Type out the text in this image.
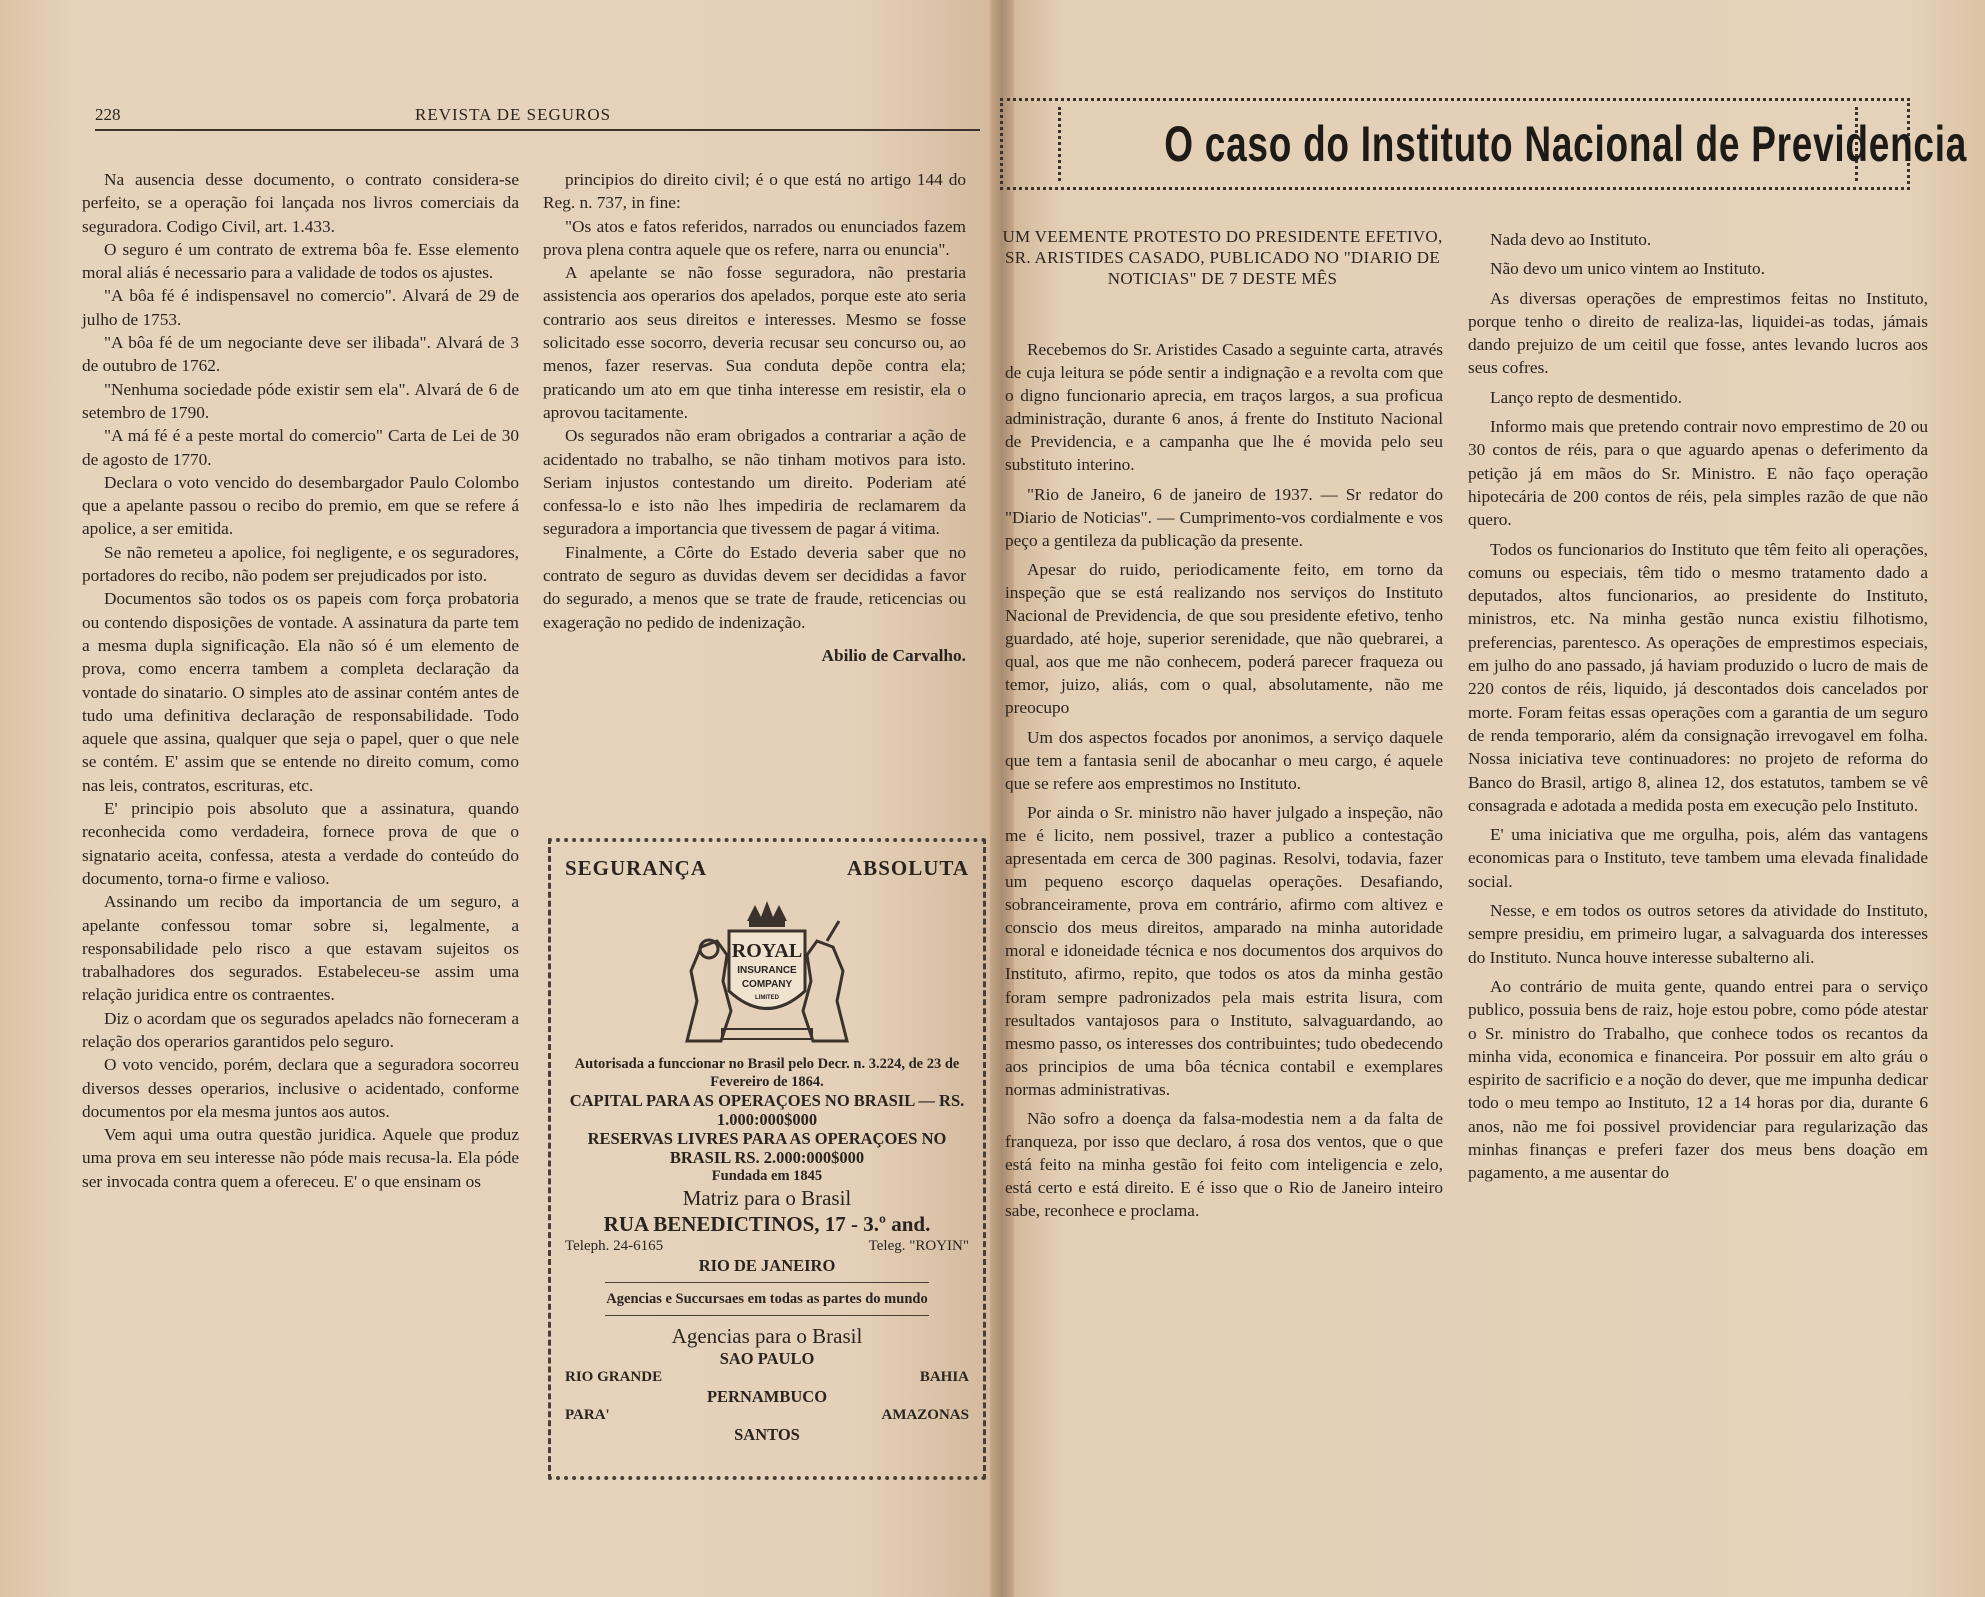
228	REVISTA DE SEGUROS

Na ausencia desse documento, o contrato considera-se perfeito, se a operação foi lançada nos livros comerciais da seguradora. Codigo Civil, art. 1.433.

O seguro é um contrato de extrema bôa fe. Esse elemento moral aliás é necessario para a validade de todos os ajustes.

"A bôa fé é indispensavel no comercio". Alvará de 29 de julho de 1753.

"A bôa fé de um negociante deve ser ilibada". Alvará de 3 de outubro de 1762.

"Nenhuma sociedade póde existir sem ela". Alvará de 6 de setembro de 1790.

"A má fé é a peste mortal do comercio" Carta de Lei de 30 de agosto de 1770.

Declara o voto vencido do desembargador Paulo Colombo que a apelante passou o recibo do premio, em que se refere á apolice, a ser emitida.

Se não remeteu a apolice, foi negligente, e os seguradores, portadores do recibo, não podem ser prejudicados por isto.

Documentos são todos os os papeis com força probatoria ou contendo disposições de vontade. A assinatura da parte tem a mesma dupla significação. Ela não só é um elemento de prova, como encerra tambem a completa declaração da vontade do sinatario. O simples ato de assinar contém antes de tudo uma definitiva declaração de responsabilidade. Todo aquele que assina, qualquer que seja o papel, quer o que nele se contém. E' assim que se entende no direito comum, como nas leis, contratos, escrituras, etc.

E' principio pois absoluto que a assinatura, quando reconhecida como verdadeira, fornece prova de que o signatario aceita, confessa, atesta a verdade do conteúdo do documento, torna-o firme e valioso.

Assinando um recibo da importancia de um seguro, a apelante confessou tomar sobre si, legalmente, a responsabilidade pelo risco a que estavam sujeitos os trabalhadores dos segurados. Estabeleceu-se assim uma relação juridica entre os contraentes.

Diz o acordam que os segurados apeladcs não forneceram a relação dos operarios garantidos pelo seguro.

O voto vencido, porém, declara que a seguradora socorreu diversos desses operarios, inclusive o acidentado, conforme documentos por ela mesma juntos aos autos.

Vem aqui uma outra questão juridica. Aquele que produz uma prova em seu interesse não póde mais recusa-la. Ela póde ser invocada contra quem a ofereceu. E' o que ensinam os

principios do direito civil; é o que está no artigo 144 do Reg. n. 737, in fine:

"Os atos e fatos referidos, narrados ou enunciados fazem prova plena contra aquele que os refere, narra ou enuncia".

A apelante se não fosse seguradora, não prestaria assistencia aos operarios dos apelados, porque este ato seria contrario aos seus direitos e interesses. Mesmo se fosse solicitado esse socorro, deveria recusar seu concurso ou, ao menos, fazer reservas. Sua conduta depõe contra ela; praticando um ato em que tinha interesse em resistir, ela o aprovou tacitamente.

Os segurados não eram obrigados a contrariar a ação de acidentado no trabalho, se não tinham motivos para isto. Seriam injustos contestando um direito. Poderiam até confessa-lo e isto não lhes impediria de reclamarem da seguradora a importancia que tivessem de pagar á vitima.

Finalmente, a Côrte do Estado deveria saber que no contrato de seguro as duvidas devem ser decididas a favor do segurado, a menos que se trate de fraude, reticencias ou exageração no pedido de indenização.

Abilio de Carvalho.

SEGURANÇA	ABSOLUTA
ROYAL
INSURANCE
COMPANY
LIMITED
Autorisada a funccionar no Brasil pelo Decr. n. 3.224, de 23 de Fevereiro de 1864.
CAPITAL PARA AS OPERAÇOES NO BRASIL — RS. 1.000:000$000
RESERVAS LIVRES PARA AS OPERAÇOES NO BRASIL RS. 2.000:000$000
Fundada em 1845
Matriz para o Brasil
RUA BENEDICTINOS, 17 - 3.º and.
Teleph. 24-6165	Teleg. "ROYIN"
RIO DE JANEIRO
Agencias e Succursaes em todas as partes do mundo
Agencias para o Brasil
SAO PAULO
RIO GRANDE	BAHIA
PERNAMBUCO
PARA'	AMAZONAS
SANTOS
O caso do Instituto Nacional de Previdencia
UM VEEMENTE PROTESTO DO PRESIDENTE EFETIVO, SR. ARISTIDES CASADO, PUBLICADO NO "DIARIO DE NOTICIAS" DE 7 DESTE MÊS

Recebemos do Sr. Aristides Casado a seguinte carta, através de cuja leitura se póde sentir a indignação e a revolta com que o digno funcionario aprecia, em traços largos, a sua proficua administração, durante 6 anos, á frente do Instituto Nacional de Previdencia, e a campanha que lhe é movida pelo seu substituto interino.

"Rio de Janeiro, 6 de janeiro de 1937. — Sr redator do "Diario de Noticias". — Cumprimento-vos cordialmente e vos peço a gentileza da publicação da presente.

Apesar do ruido, periodicamente feito, em torno da inspeção que se está realizando nos serviços do Instituto Nacional de Previdencia, de que sou presidente efetivo, tenho guardado, até hoje, superior serenidade, que não quebrarei, a qual, aos que me não conhecem, poderá parecer fraqueza ou temor, juizo, aliás, com o qual, absolutamente, não me preocupo

Um dos aspectos focados por anonimos, a serviço daquele que tem a fantasia senil de abocanhar o meu cargo, é aquele que se refere aos emprestimos no Instituto.

Por ainda o Sr. ministro não haver julgado a inspeção, não me é licito, nem possivel, trazer a publico a contestação apresentada em cerca de 300 paginas. Resolvi, todavia, fazer um pequeno escorço daquelas operações. Desafiando, sobranceiramente, prova em contrário, afirmo com altivez e conscio dos meus direitos, amparado na minha autoridade moral e idoneidade técnica e nos documentos dos arquivos do Instituto, afirmo, repito, que todos os atos da minha gestão foram sempre padronizados pela mais estrita lisura, com resultados vantajosos para o Instituto, salvaguardando, ao mesmo passo, os interesses dos contribuintes; tudo obedecendo aos principios de uma bôa técnica contabil e exemplares normas administrativas.

Não sofro a doença da falsa-modestia nem a da falta de franqueza, por isso que declaro, á rosa dos ventos, que o que está feito na minha gestão foi feito com inteligencia e zelo, está certo e está direito. E é isso que o Rio de Janeiro inteiro sabe, reconhece e proclama.

Nada devo ao Instituto.

Não devo um unico vintem ao Instituto.

As diversas operações de emprestimos feitas no Instituto, porque tenho o direito de realiza-las, liquidei-as todas, jámais dando prejuizo de um ceitil que fosse, antes levando lucros aos seus cofres.

Lanço repto de desmentido.

Informo mais que pretendo contrair novo emprestimo de 20 ou 30 contos de réis, para o que aguardo apenas o deferimento da petição já em mãos do Sr. Ministro. E não faço operação hipotecária de 200 contos de réis, pela simples razão de que não quero.

Todos os funcionarios do Instituto que têm feito ali operações, comuns ou especiais, têm tido o mesmo tratamento dado a deputados, altos funcionarios, ao presidente do Instituto, ministros, etc. Na minha gestão nunca existiu filhotismo, preferencias, parentesco. As operações de emprestimos especiais, em julho do ano passado, já haviam produzido o lucro de mais de 220 contos de réis, liquido, já descontados dois cancelados por morte. Foram feitas essas operações com a garantia de um seguro de renda temporario, além da consignação irrevogavel em folha. Nossa iniciativa teve continuadores: no projeto de reforma do Banco do Brasil, artigo 8, alinea 12, dos estatutos, tambem se vê consagrada e adotada a medida posta em execução pelo Instituto.

E' uma iniciativa que me orgulha, pois, além das vantagens economicas para o Instituto, teve tambem uma elevada finalidade social.

Nesse, e em todos os outros setores da atividade do Instituto, sempre presidiu, em primeiro lugar, a salvaguarda dos interesses do Instituto. Nunca houve interesse subalterno ali.

Ao contrário de muita gente, quando entrei para o serviço publico, possuia bens de raiz, hoje estou pobre, como póde atestar o Sr. ministro do Trabalho, que conhece todos os recantos da minha vida, economica e financeira. Por possuir em alto gráu o espirito de sacrificio e a noção do dever, que me impunha dedicar todo o meu tempo ao Instituto, 12 a 14 horas por dia, durante 6 anos, não me foi possivel providenciar para regularização das minhas finanças e preferi fazer dos meus bens doação em pagamento, a me ausentar do
